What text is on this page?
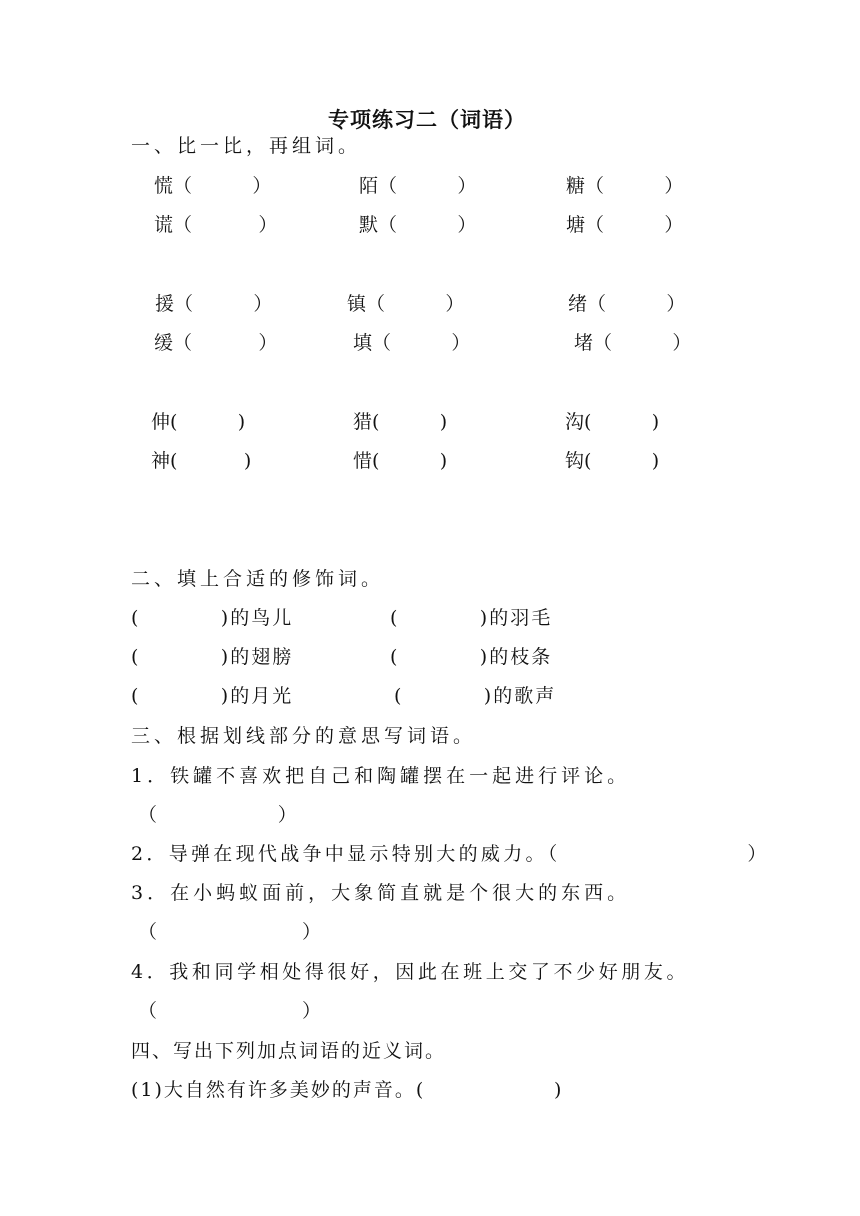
专项练习二（词语）
一、比一比，再组词。
慌（          ）	陌（          ）	糖（          ）
谎（           ）	默（          ）	塘（          ）
援（          ）	镇（          ）	绪（          ）
缓（           ）	填（          ）	堵（          ）
伸(          )	猎(          )	沟(          )
神(           )	惜(          )	钩(          )
二、填上合适的修饰词。
(          )的鸟儿	(          )的羽毛
(          )的翅膀	(          )的枝条
(          )的月光	(          )的歌声
三、根据划线部分的意思写词语。
1．铁罐不喜欢把自己和陶罐摆在一起进行评论。
（                    ）
2．导弹在现代战争中显示特别大的威力。（                    ）
3．在小蚂蚁面前，大象简直就是个很大的东西。
（                        ）
4．我和同学相处得很好，因此在班上交了不少好朋友。
（                        ）
四、写出下列加点词语的近义词。
(1)大自然有许多美妙的声音。(                )
